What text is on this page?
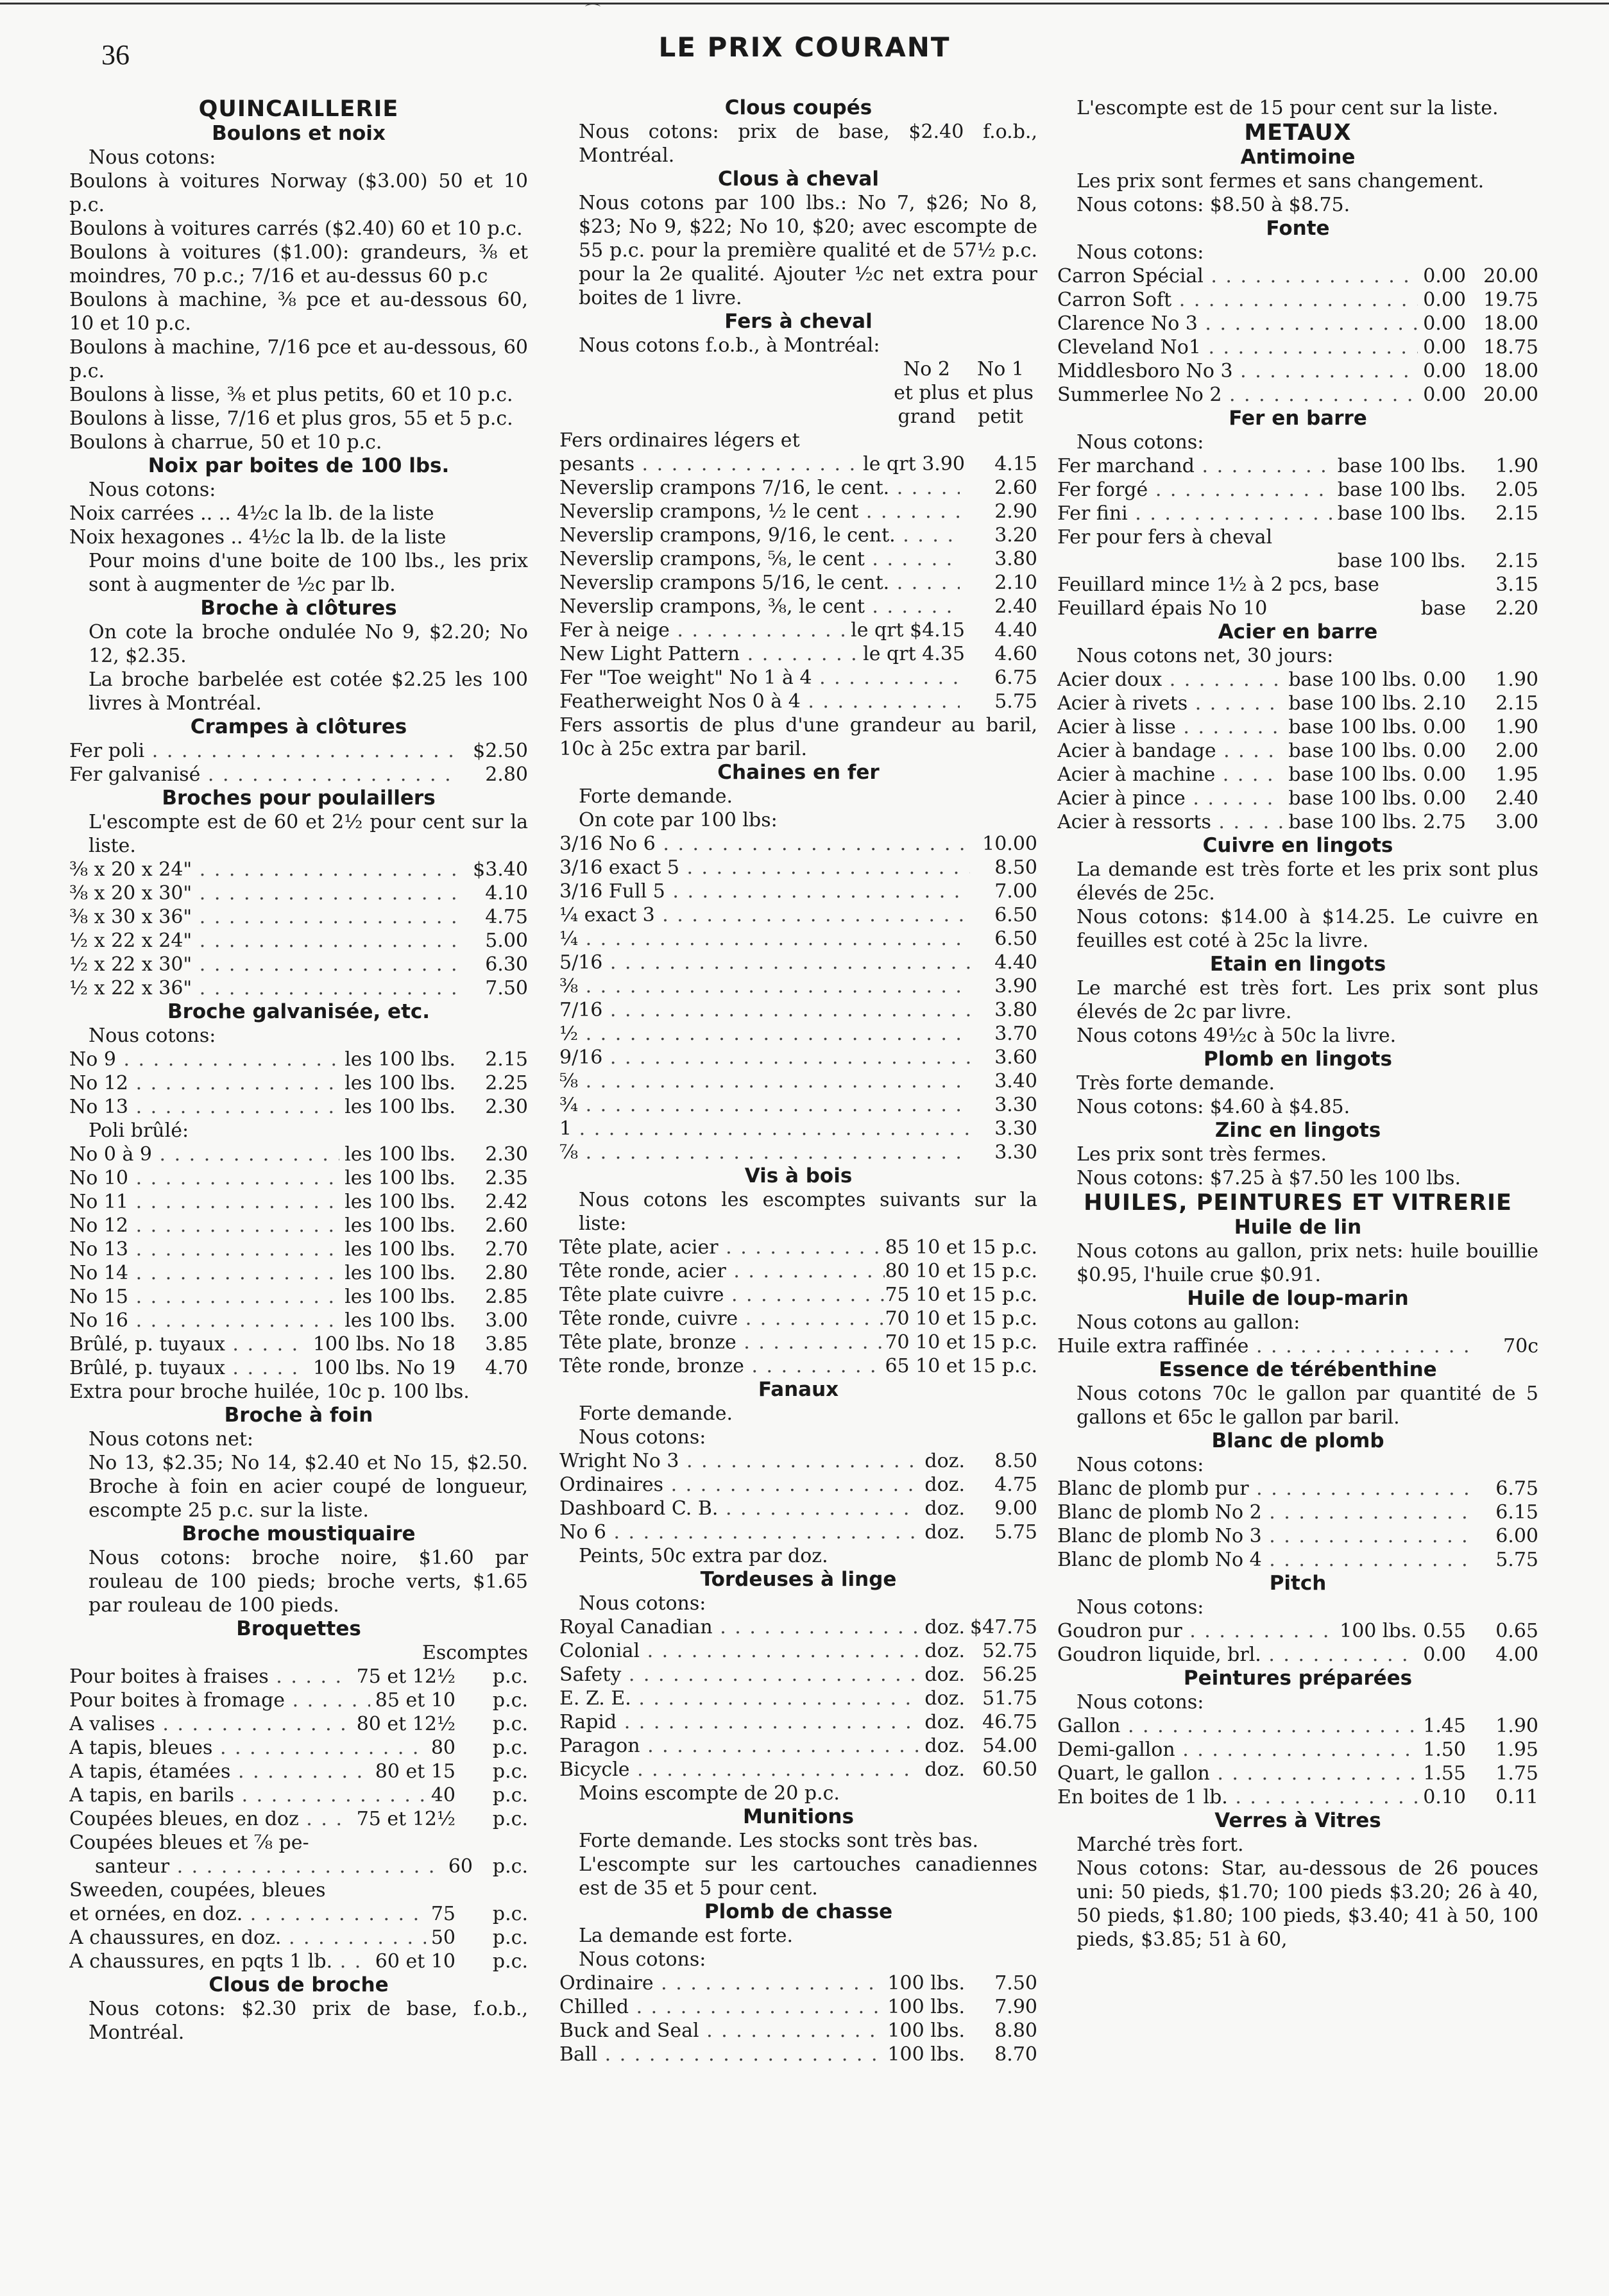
⌒
36	LE PRIX COURANT
QUINCAILLERIE
Boulons et noix
Nous cotons:
Boulons à voitures Norway ($3.00) 50 et 10 p.c.
Boulons à voitures carrés ($2.40) 60 et 10 p.c.
Boulons à voitures ($1.00): grandeurs, ⅜ et moindres, 70 p.c.; 7/16 et au-dessus 60 p.c
Boulons à machine, ⅜ pce et au-dessous 60, 10 et 10 p.c.
Boulons à machine, 7/16 pce et au-dessous, 60 p.c.
Boulons à lisse, ⅜ et plus petits, 60 et 10 p.c.
Boulons à lisse, 7/16 et plus gros, 55 et 5 p.c.
Boulons à charrue, 50 et 10 p.c.
Noix par boites de 100 lbs.
Nous cotons:
Noix carrées .. .. 4½c la lb. de la liste
Noix hexagones .. 4½c la lb. de la liste
Pour moins d'une boite de 100 lbs., les prix sont à augmenter de ½c par lb.
Broche à clôtures
On cote la broche ondulée No 9, $2.20; No 12, $2.35.
La broche barbelée est cotée $2.25 les 100 livres à Montréal.
Crampes à clôtures
Fer poli . . .	$2.50
Fer galvanisé . . .	2.80
Broches pour poulaillers
L'escompte est de 60 et 2½ pour cent sur la liste.
⅜ x 20 x 24" . . .	$3.40
⅜ x 20 x 30" . . .	4.10
⅜ x 30 x 36" . . .	4.75
½ x 22 x 24" . . .	5.00
½ x 22 x 30" . . .	6.30
½ x 22 x 36" . . .	7.50
Broche galvanisée, etc.
Nous cotons:
No 9 . . .	les 100 lbs.	2.15
No 12 . . .	les 100 lbs.	2.25
No 13 . . .	les 100 lbs.	2.30
Poli brûlé:
No 0 à 9 . . .	les 100 lbs.	2.30
No 10 . . .	les 100 lbs.	2.35
No 11 . . .	les 100 lbs.	2.42
No 12 . . .	les 100 lbs.	2.60
No 13 . . .	les 100 lbs.	2.70
No 14 . . .	les 100 lbs.	2.80
No 15 . . .	les 100 lbs.	2.85
No 16 . . .	les 100 lbs.	3.00
Brûlé, p. tuyaux . . .	100 lbs. No 18	3.85
Brûlé, p. tuyaux . . .	100 lbs. No 19	4.70
Extra pour broche huilée, 10c p. 100 lbs.
Broche à foin
Nous cotons net:
No 13, $2.35; No 14, $2.40 et No 15, $2.50. Broche à foin en acier coupé de longueur, escompte 25 p.c. sur la liste.
Broche moustiquaire
Nous cotons: broche noire, $1.60 par rouleau de 100 pieds; broche verts, $1.65 par rouleau de 100 pieds.
Broquettes
Escomptes
Pour boites à fraises . . .	75 et 12½	p.c.
Pour boites à fromage . . .	85 et 10	p.c.
A valises . . .	80 et 12½	p.c.
A tapis, bleues . . .	80	p.c.
A tapis, étamées . . .	80 et 15	p.c.
A tapis, en barils . . .	40	p.c.
Coupées bleues, en doz . . .	75 et 12½	p.c.
Coupées bleues et ⅞ pe-
santeur . . .	60	p.c.
Sweeden, coupées, bleues
et ornées, en doz. . . .	75	p.c.
A chaussures, en doz. . . .	50	p.c.
A chaussures, en pqts 1 lb. . . .	60 et 10	p.c.
Clous de broche
Nous cotons: $2.30 prix de base, f.o.b., Montréal.
Clous coupés
Nous cotons: prix de base, $2.40 f.o.b., Montréal.
Clous à cheval
Nous cotons par 100 lbs.: No 7, $26; No 8, $23; No 9, $22; No 10, $20; avec escompte de 55 p.c. pour la première qualité et de 57½ p.c. pour la 2e qualité. Ajouter ½c net extra pour boites de 1 livre.
Fers à cheval
Nous cotons f.o.b., à Montréal:
No 2	No 1
et plus et plus
grand	petit
Fers ordinaires légers et
pesants . . .	le qrt 3.90	4.15
Neverslip crampons 7/16, le cent. . . .	2.60
Neverslip crampons, ½ le cent . . .	2.90
Neverslip crampons, 9/16, le cent. . . .	3.20
Neverslip crampons, ⅝, le cent . . .	3.80
Neverslip crampons 5/16, le cent. . . .	2.10
Neverslip crampons, ⅜, le cent . . .	2.40
Fer à neige . . .	le qrt $4.15	4.40
New Light Pattern . . .	le qrt 4.35	4.60
Fer "Toe weight" No 1 à 4 . . .	6.75
Featherweight Nos 0 à 4 . . .	5.75
Fers assortis de plus d'une grandeur au baril, 10c à 25c extra par baril.
Chaines en fer
Forte demande.
On cote par 100 lbs:
3/16 No 6 . . .	10.00
3/16 exact 5 . . .	8.50
3/16 Full 5 . . .	7.00
¼ exact 3 . . .	6.50
¼ . . .	6.50
5/16 . . .	4.40
⅜ . . .	3.90
7/16 . . .	3.80
½ . . .	3.70
9/16 . . .	3.60
⅝ . . .	3.40
¾ . . .	3.30
1 . . .	3.30
⅞ . . .	3.30
Vis à bois
Nous cotons les escomptes suivants sur la liste:
Tête plate, acier . . .	85 10 et 15 p.c.
Tête ronde, acier . . .	80 10 et 15 p.c.
Tête plate cuivre . . .	75 10 et 15 p.c.
Tête ronde, cuivre . . .	70 10 et 15 p.c.
Tête plate, bronze . . .	70 10 et 15 p.c.
Tête ronde, bronze . . .	65 10 et 15 p.c.
Fanaux
Forte demande.
Nous cotons:
Wright No 3 . . .	doz.	8.50
Ordinaires . . .	doz.	4.75
Dashboard C. B. . . .	doz.	9.00
No 6 . . .	doz.	5.75
Peints, 50c extra par doz.
Tordeuses à linge
Nous cotons:
Royal Canadian . . .	doz. $47.75
Colonial . . .	doz. 52.75
Safety . . .	doz. 56.25
E. Z. E. . . .	doz. 51.75
Rapid . . .	doz. 46.75
Paragon . . .	doz. 54.00
Bicycle . . .	doz. 60.50
Moins escompte de 20 p.c.
Munitions
Forte demande. Les stocks sont très bas.
L'escompte sur les cartouches canadiennes est de 35 et 5 pour cent.
Plomb de chasse
La demande est forte.
Nous cotons:
Ordinaire . . .	100 lbs.	7.50
Chilled . . .	100 lbs.	7.90
Buck and Seal . . .	100 lbs.	8.80
Ball . . .	100 lbs.	8.70
L'escompte est de 15 pour cent sur la liste.
METAUX
Antimoine
Les prix sont fermes et sans changement.
Nous cotons: $8.50 à $8.75.
Fonte
Nous cotons:
Carron Spécial . . .	0.00 20.00
Carron Soft . . .	0.00 19.75
Clarence No 3 . . .	0.00 18.00
Cleveland No1 . . .	0.00 18.75
Middlesboro No 3 . . .	0.00 18.00
Summerlee No 2 . . .	0.00 20.00
Fer en barre
Nous cotons:
Fer marchand . . .	base 100 lbs.	1.90
Fer forgé . . .	base 100 lbs.	2.05
Fer fini . . .	base 100 lbs.	2.15
Fer pour fers à cheval
base 100 lbs.	2.15
Feuillard mince 1½ à 2 pcs, base	3.15
Feuillard épais No 10	base	2.20
Acier en barre
Nous cotons net, 30 jours:
Acier doux . . .	base 100 lbs. 0.00	1.90
Acier à rivets . . .	base 100 lbs. 2.10	2.15
Acier à lisse . . .	base 100 lbs. 0.00	1.90
Acier à bandage . . .	base 100 lbs. 0.00	2.00
Acier à machine . . .	base 100 lbs. 0.00	1.95
Acier à pince . . .	base 100 lbs. 0.00	2.40
Acier à ressorts . . .	base 100 lbs. 2.75	3.00
Cuivre en lingots
La demande est très forte et les prix sont plus élevés de 25c.
Nous cotons: $14.00 à $14.25. Le cuivre en feuilles est coté à 25c la livre.
Etain en lingots
Le marché est très fort. Les prix sont plus élevés de 2c par livre.
Nous cotons 49½c à 50c la livre.
Plomb en lingots
Très forte demande.
Nous cotons: $4.60 à $4.85.
Zinc en lingots
Les prix sont très fermes.
Nous cotons: $7.25 à $7.50 les 100 lbs.
HUILES, PEINTURES ET VITRERIE
Huile de lin
Nous cotons au gallon, prix nets: huile bouillie $0.95, l'huile crue $0.91.
Huile de loup-marin
Nous cotons au gallon:
Huile extra raffinée . . .	70c
Essence de térébenthine
Nous cotons 70c le gallon par quantité de 5 gallons et 65c le gallon par baril.
Blanc de plomb
Nous cotons:
Blanc de plomb pur . . .	6.75
Blanc de plomb No 2 . . .	6.15
Blanc de plomb No 3 . . .	6.00
Blanc de plomb No 4 . . .	5.75
Pitch
Nous cotons:
Goudron pur . . .	100 lbs. 0.55	0.65
Goudron liquide, brl. . . .	0.00	4.00
Peintures préparées
Nous cotons:
Gallon . . .	1.45	1.90
Demi-gallon . . .	1.50	1.95
Quart, le gallon . . .	1.55	1.75
En boites de 1 lb. . . .	0.10	0.11
Verres à Vitres
Marché très fort.
Nous cotons: Star, au-dessous de 26 pouces uni: 50 pieds, $1.70; 100 pieds $3.20; 26 à 40, 50 pieds, $1.80; 100 pieds, $3.40; 41 à 50, 100 pieds, $3.85; 51 à 60,
